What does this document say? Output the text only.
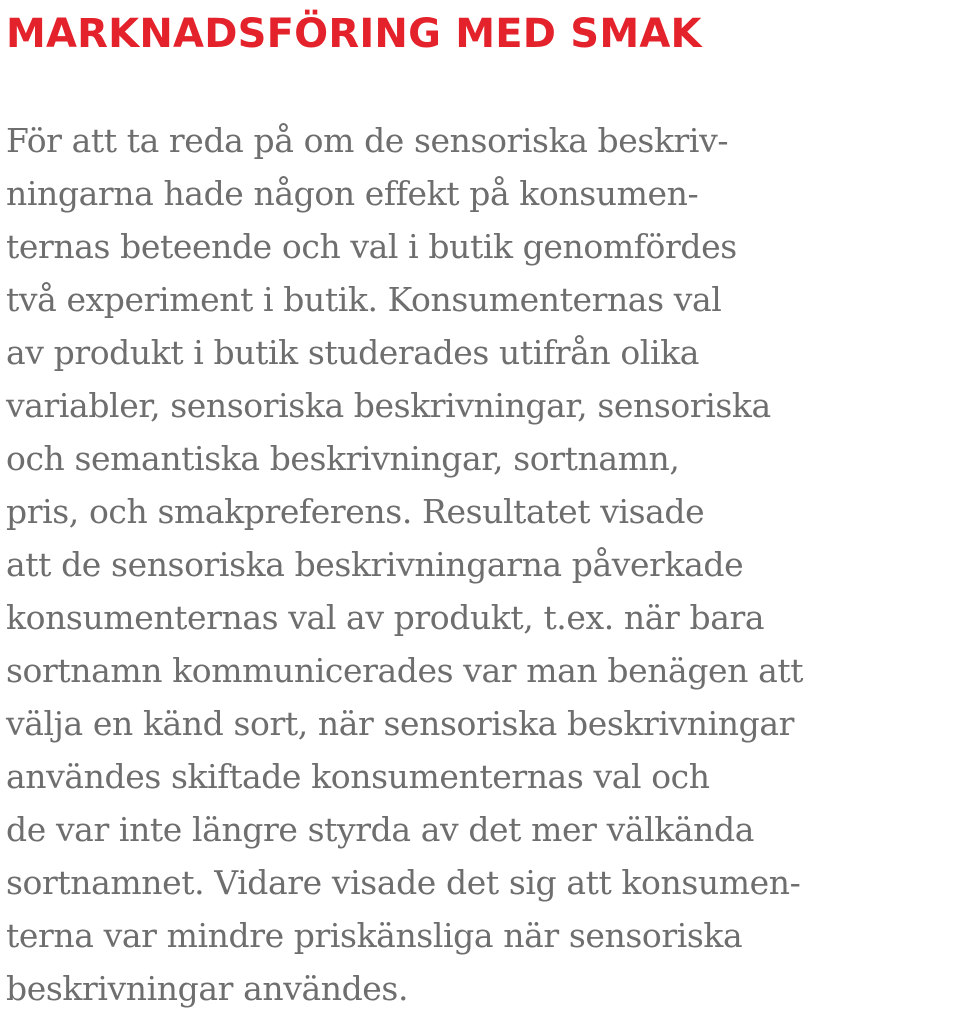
MARKNADSFÖRING MED SMAK
För att ta reda på om de sensoriska beskriv-
ningarna hade någon effekt på konsumen-
ternas beteende och val i butik genomfördes
två experiment i butik. Konsumenternas val
av produkt i butik studerades utifrån olika
variabler, sensoriska beskrivningar, sensoriska
och semantiska beskrivningar, sortnamn,
pris, och smakpreferens. Resultatet visade
att de sensoriska beskrivningarna påverkade
konsumenternas val av produkt, t.ex. när bara
sortnamn kommunicerades var man benägen att
välja en känd sort, när sensoriska beskrivningar
användes skiftade konsumenternas val och
de var inte längre styrda av det mer välkända
sortnamnet. Vidare visade det sig att konsumen-
terna var mindre priskänsliga när sensoriska
beskrivningar användes.
